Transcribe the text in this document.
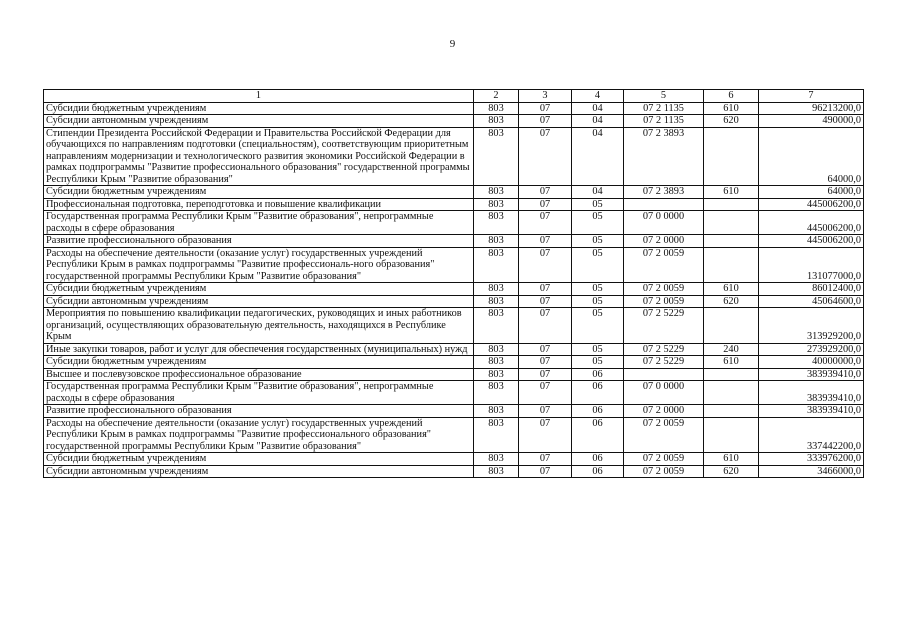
9
1	2	3	4	5	6	7
Субсидии бюджетным учреждениям	803	07	04	07 2 1135	610	96213200,0
Субсидии автономным учреждениям	803	07	04	07 2 1135	620	490000,0
Стипендии Президента Российской Федерации и Правительства Российской Федерации для обучающихся по направлениям подготовки (специальностям), соответствующим приоритетным направлениям модернизации и технологического развития экономики Российской Федерации в рамках подпрограммы "Развитие профессионального образования" государственной программы Республики Крым "Развитие образования"	803	07	04	07 2 3893		64000,0
Субсидии бюджетным учреждениям	803	07	04	07 2 3893	610	64000,0
Профессиональная подготовка, переподготовка и повышение квалификации	803	07	05			445006200,0
Государственная программа Республики Крым "Развитие образования", непрограммные расходы в сфере образования	803	07	05	07 0 0000		445006200,0
Развитие профессионального образования	803	07	05	07 2 0000		445006200,0
Расходы на обеспечение деятельности (оказание услуг) государственных учреждений Республики Крым в рамках подпрограммы "Развитие профессиональ-ного образования" государственной программы Республики Крым "Развитие образования"	803	07	05	07 2 0059		131077000,0
Субсидии бюджетным учреждениям	803	07	05	07 2 0059	610	86012400,0
Субсидии автономным учреждениям	803	07	05	07 2 0059	620	45064600,0
Мероприятия по повышению квалификации педагогических, руководящих и иных работников организаций, осуществляющих образовательную деятельность, находящихся в Республике Крым	803	07	05	07 2 5229		313929200,0
Иные закупки товаров, работ и услуг для обеспечения государственных (муниципальных) нужд	803	07	05	07 2 5229	240	273929200,0
Субсидии бюджетным учреждениям	803	07	05	07 2 5229	610	40000000,0
Высшее и послевузовское профессиональное образование	803	07	06			383939410,0
Государственная программа Республики Крым "Развитие образования", непрограммные расходы в сфере образования	803	07	06	07 0 0000		383939410,0
Развитие профессионального образования	803	07	06	07 2 0000		383939410,0
Расходы на обеспечение деятельности (оказание услуг) государственных учреждений Республики Крым в рамках подпрограммы "Развитие профессионального образования" государственной программы Республики Крым "Развитие образования"	803	07	06	07 2 0059		337442200,0
Субсидии бюджетным учреждениям	803	07	06	07 2 0059	610	333976200,0
Субсидии автономным учреждениям	803	07	06	07 2 0059	620	3466000,0
